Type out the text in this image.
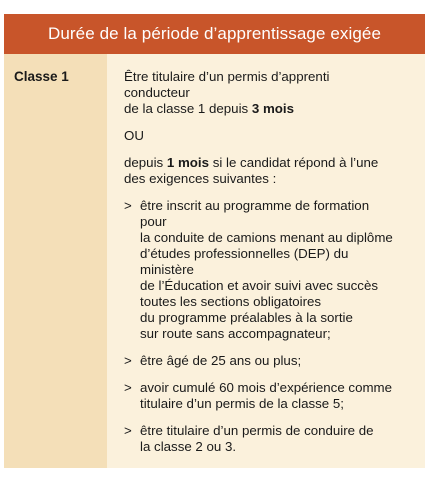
Durée de la période d’apprentissage exigée
Classe 1	Être titulaire d’un permis d’apprenti conducteur
de la classe 1 depuis 3 mois

OU

depuis 1 mois si le candidat répond à l’une
des exigences suivantes :

> être inscrit au programme de formation pour
la conduite de camions menant au diplôme
d’études professionnelles (DEP) du ministère
de l’Éducation et avoir suivi avec succès
toutes les sections obligatoires
du programme préalables à la sortie
sur route sans accompagnateur;
> être âgé de 25 ans ou plus;
> avoir cumulé 60 mois d’expérience comme
titulaire d’un permis de la classe 5;
> être titulaire d’un permis de conduire de
la classe 2 ou 3.
